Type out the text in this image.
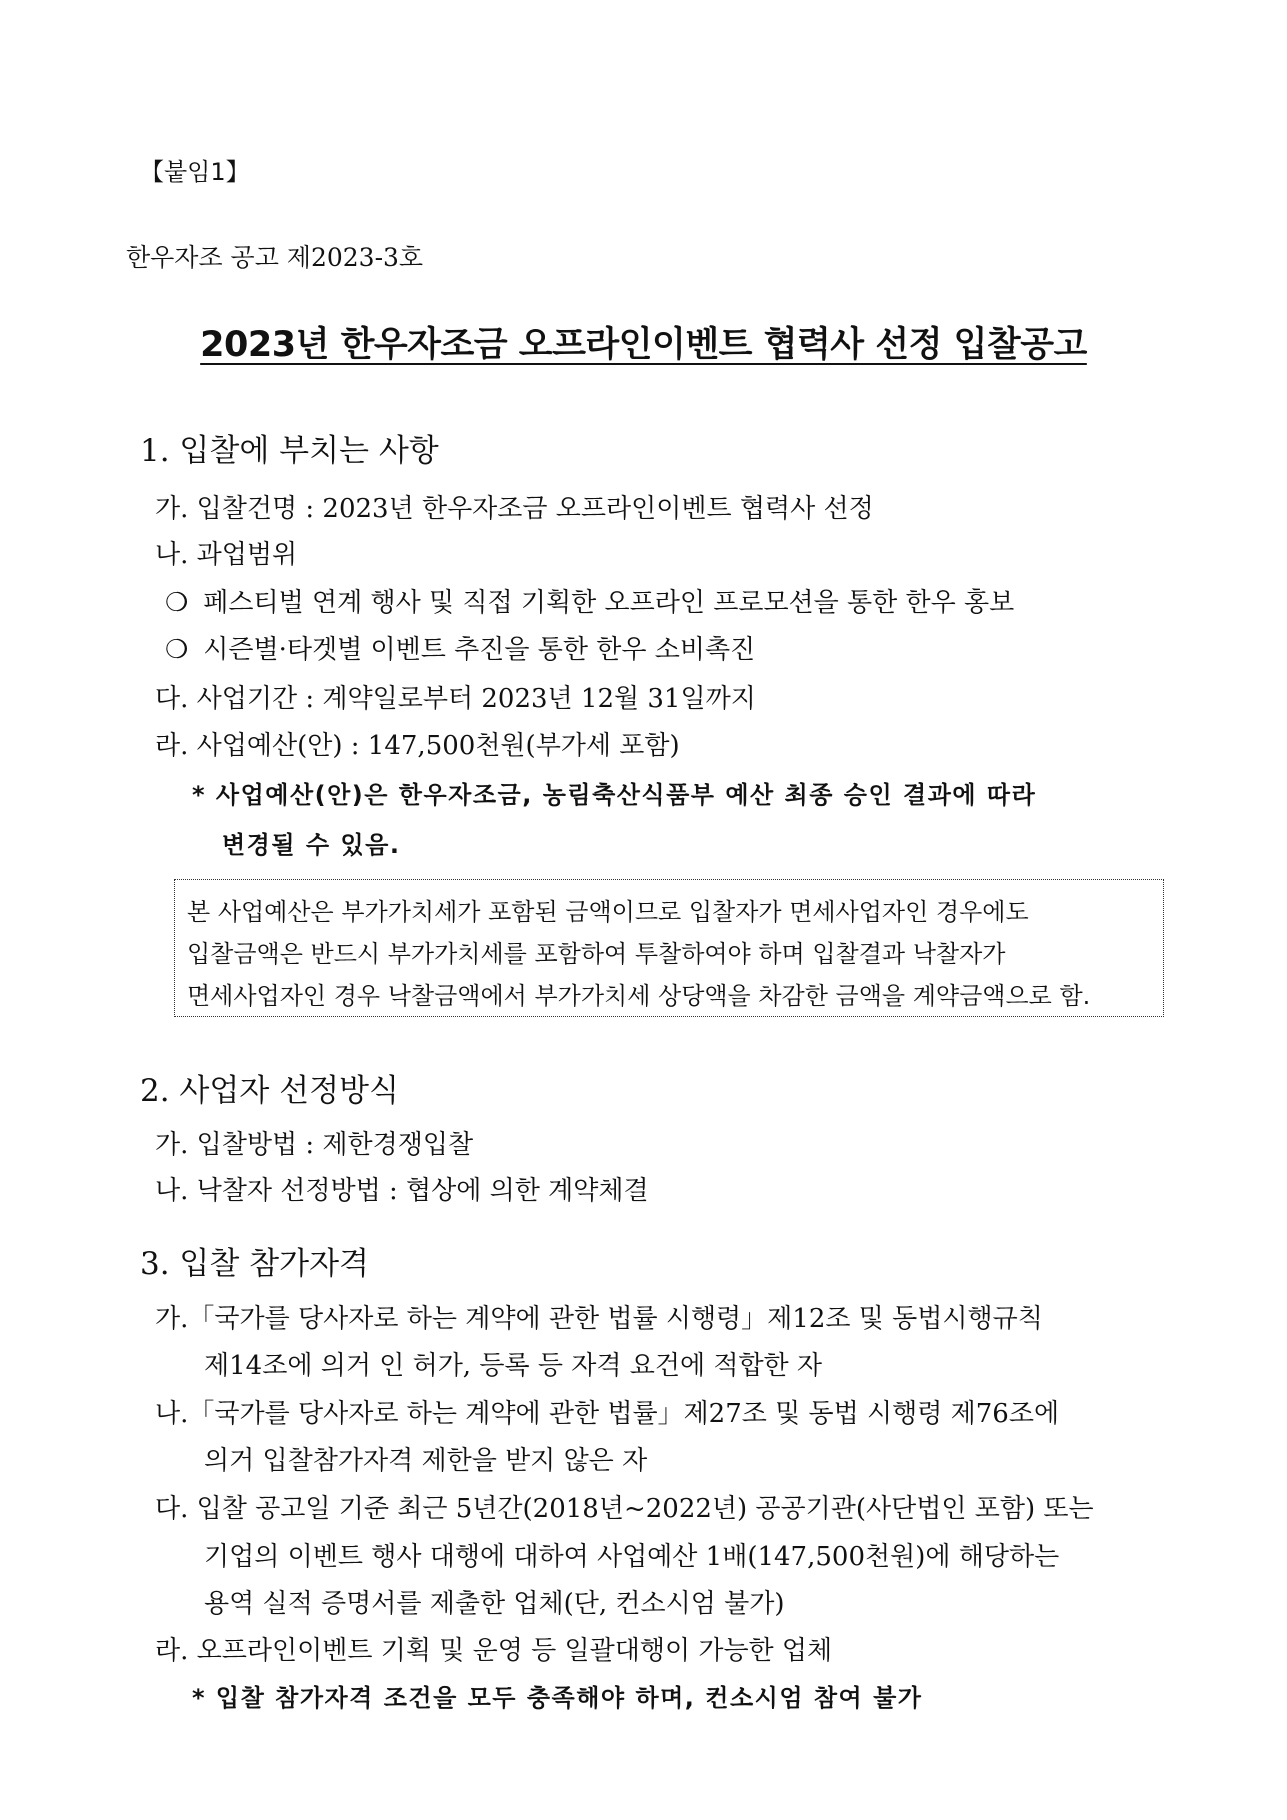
【붙임1】
한우자조 공고 제2023-3호
2023년 한우자조금 오프라인이벤트 협력사 선정 입찰공고
1. 입찰에 부치는 사항
가. 입찰건명 : 2023년 한우자조금 오프라인이벤트 협력사 선정
나. 과업범위
❍ 페스티벌 연계 행사 및 직접 기획한 오프라인 프로모션을 통한 한우 홍보
❍ 시즌별·타겟별 이벤트 추진을 통한 한우 소비촉진
다. 사업기간 : 계약일로부터 2023년 12월 31일까지
라. 사업예산(안) : 147,500천원(부가세 포함)
* 사업예산(안)은 한우자조금, 농림축산식품부 예산 최종 승인 결과에 따라
변경될 수 있음.
본 사업예산은 부가가치세가 포함된 금액이므로 입찰자가 면세사업자인 경우에도
입찰금액은 반드시 부가가치세를 포함하여 투찰하여야 하며 입찰결과 낙찰자가
면세사업자인 경우 낙찰금액에서 부가가치세 상당액을 차감한 금액을 계약금액으로 함.
2. 사업자 선정방식
가. 입찰방법 : 제한경쟁입찰
나. 낙찰자 선정방법 : 협상에 의한 계약체결
3. 입찰 참가자격
가.「국가를 당사자로 하는 계약에 관한 법률 시행령」제12조 및 동법시행규칙
제14조에 의거 인 허가, 등록 등 자격 요건에 적합한 자
나.「국가를 당사자로 하는 계약에 관한 법률」제27조 및 동법 시행령 제76조에
의거 입찰참가자격 제한을 받지 않은 자
다. 입찰 공고일 기준 최근 5년간(2018년~2022년) 공공기관(사단법인 포함) 또는
기업의 이벤트 행사 대행에 대하여 사업예산 1배(147,500천원)에 해당하는
용역 실적 증명서를 제출한 업체(단, 컨소시엄 불가)
라. 오프라인이벤트 기획 및 운영 등 일괄대행이 가능한 업체
* 입찰 참가자격 조건을 모두 충족해야 하며, 컨소시엄 참여 불가
